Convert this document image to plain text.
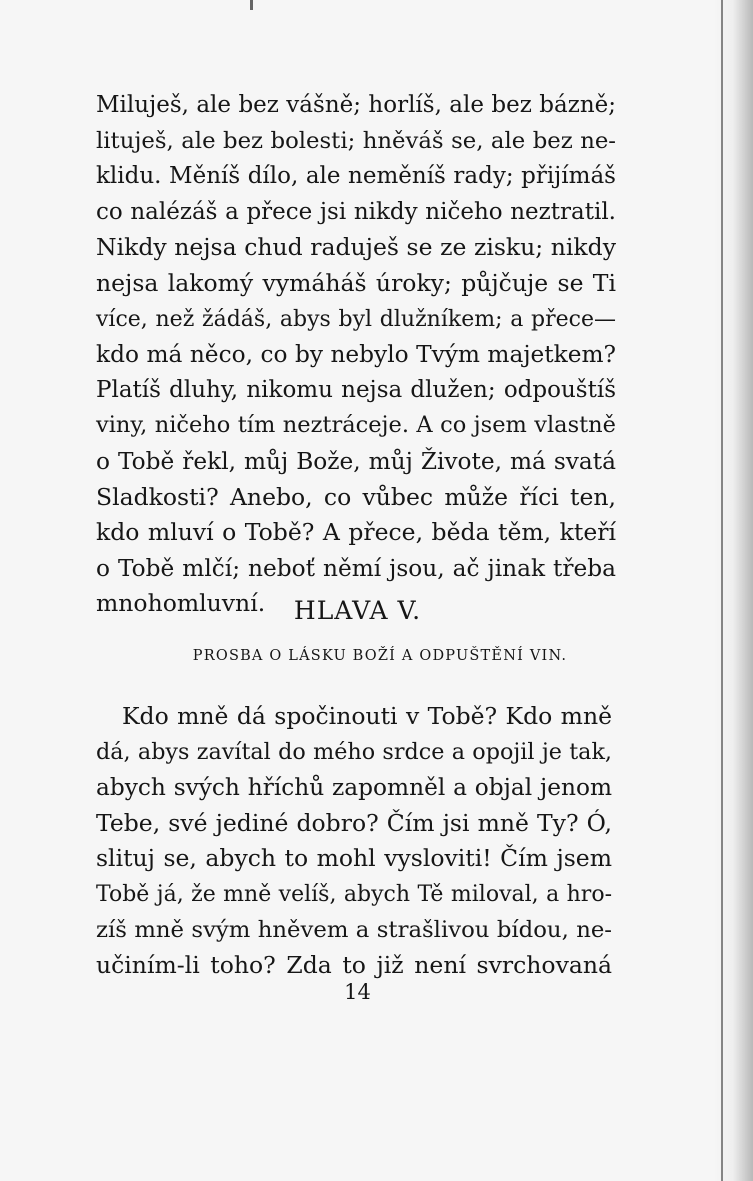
Miluješ, ale bez vášně; horlíš, ale bez bázně;
lituješ, ale bez bolesti; hněváš se, ale bez ne-
klidu. Měníš dílo, ale neměníš rady; přijímáš
co nalézáš a přece jsi nikdy ničeho neztratil.
Nikdy nejsa chud raduješ se ze zisku; nikdy
nejsa lakomý vymáháš úroky; půjčuje se Ti
více, než žádáš, abys byl dlužníkem; a přece—
kdo má něco, co by nebylo Tvým majetkem?
Platíš dluhy, nikomu nejsa dlužen; odpouštíš
viny, ničeho tím neztráceje. A co jsem vlastně
o Tobě řekl, můj Bože, můj Živote, má svatá
Sladkosti? Anebo, co vůbec může říci ten,
kdo mluví o Tobě? A přece, běda těm, kteří
o Tobě mlčí; neboť němí jsou, ač jinak třeba
mnohomluvní.	HLAVA V.
PROSBA O LÁSKU BOŽÍ A ODPUŠTĚNÍ VIN.
Kdo mně dá spočinouti v Tobě? Kdo mně
dá, abys zavítal do mého srdce a opojil je tak,
abych svých hříchů zapomněl a objal jenom
Tebe, své jediné dobro? Čím jsi mně Ty? Ó,
slituj se, abych to mohl vysloviti! Čím jsem
Tobě já, že mně velíš, abych Tě miloval, a hro-
zíš mně svým hněvem a strašlivou bídou, ne-
učiním-li toho? Zda to již není svrchovaná
14
